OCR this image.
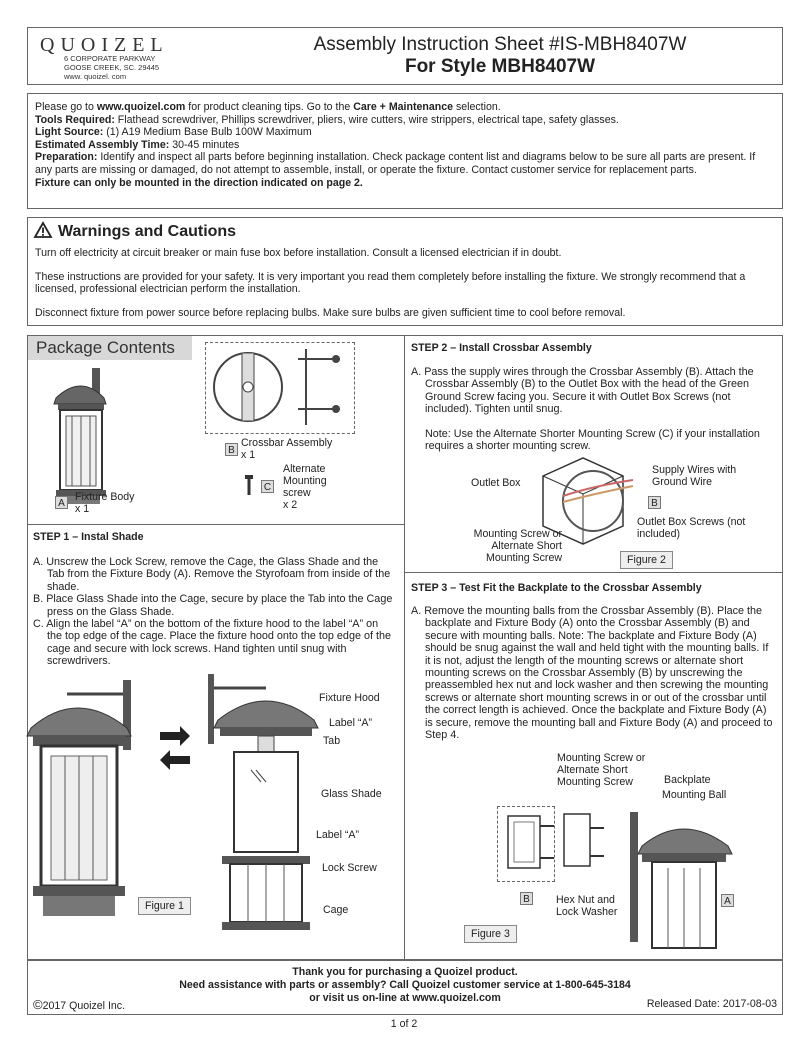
QUOIZEL
6 CORPORATE PARKWAY
GOOSE CREEK, SC. 29445
www. quoizel. com
Assembly Instruction Sheet #IS-MBH8407W
For Style MBH8407W
Please go to www.quoizel.com for product cleaning tips. Go to the Care + Maintenance selection.
Tools Required: Flathead screwdriver, Phillips screwdriver, pliers, wire cutters, wire strippers, electrical tape, safety glasses.
Light Source: (1) A19 Medium Base Bulb 100W Maximum
Estimated Assembly Time: 30-45 minutes
Preparation: Identify and inspect all parts before beginning installation. Check package content list and diagrams below to be sure all parts are present. If any parts are missing or damaged, do not attempt to assemble, install, or operate the fixture. Contact customer service for replacement parts.
Fixture can only be mounted in the direction indicated on page 2.
Warnings and Cautions

Turn off electricity at circuit breaker or main fuse box before installation. Consult a licensed electrician if in doubt.

These instructions are provided for your safety. It is very important you read them completely before installing the fixture. We strongly recommend that a licensed, professional electrician perform the installation.

Disconnect fixture from power source before replacing bulbs. Make sure bulbs are given sufficient time to cool before removal.

Package Contents
A
Fixture Body
x 1
B
Crossbar Assembly
x 1
C
Alternate
Mounting
screw
x 2
STEP 1 – Instal Shade

A. Unscrew the Lock Screw, remove the Cage, the Glass Shade and the Tab from the Fixture Body (A). Remove the Styrofoam from inside of the shade.

B. Place Glass Shade into the Cage, secure by place the Tab into the Cage press on the Glass Shade.

C. Align the label “A” on the bottom of the fixture hood to the label “A” on the top edge of the cage. Place the fixture hood onto the top edge of the cage and secure with lock screws. Hand tighten until snug with screwdrivers.

Fixture Hood
Label “A”
Tab
Glass Shade
Label “A”
Lock Screw
Cage
Figure 1
STEP 2 – Install Crossbar Assembly

A. Pass the supply wires through the Crossbar Assembly (B). Attach the Crossbar Assembly (B) to the Outlet Box with the head of the Green Ground Screw facing you. Secure it with Outlet Box Screws (not included). Tighten until snug.

Note: Use the Alternate Shorter Mounting Screw (C) if your installation requires a shorter mounting screw.

Outlet Box
Supply Wires with Ground Wire
B
Mounting Screw or Alternate Short Mounting Screw
Outlet Box Screws (not included)
Figure 2
STEP 3 – Test Fit the Backplate to the Crossbar Assembly

A. Remove the mounting balls from the Crossbar Assembly (B). Place the backplate and Fixture Body (A) onto the Crossbar Assembly (B) and secure with mounting balls. Note: The backplate and Fixture Body (A) should be snug against the wall and held tight with the mounting balls. If it is not, adjust the length of the mounting screws or alternate short mounting screws on the Crossbar Assembly (B) by unscrewing the preassembled hex nut and lock washer and then screwing the mounting screws or alternate short mounting screws in or out of the crossbar until the correct length is achieved. Once the backplate and Fixture Body (A) is secure, remove the mounting ball and Fixture Body (A) and proceed to Step 4.

Mounting Screw or Alternate Short Mounting Screw	Backplate
Mounting Ball
B Hex Nut and Lock Washer
A
Figure 3
Thank you for purchasing a Quoizel product.
Need assistance with parts or assembly? Call Quoizel customer service at 1-800-645-3184
or visit us on-line at www.quoizel.com
©2017 Quoizel Inc.	Released Date: 2017-08-03
1 of 2
